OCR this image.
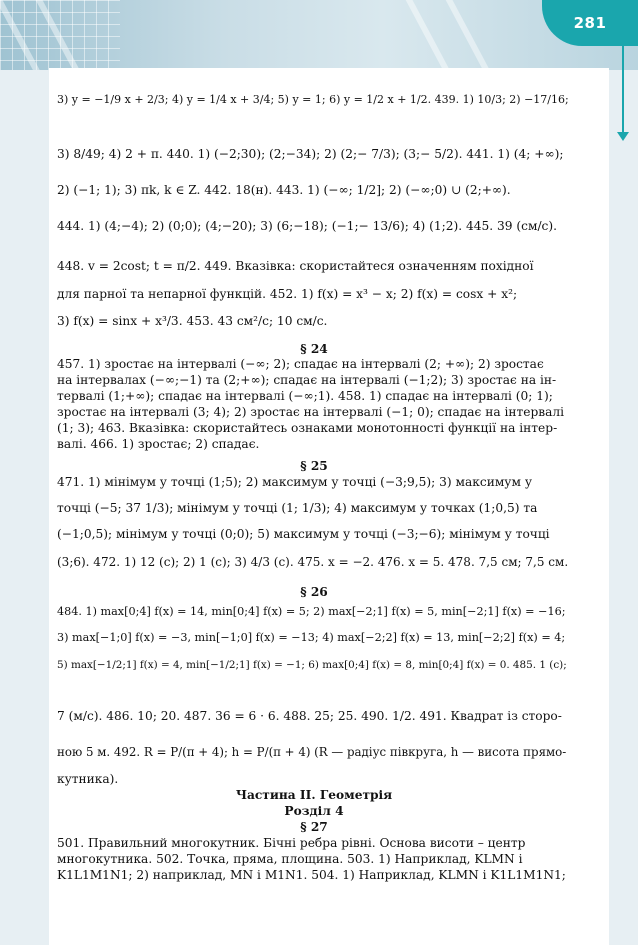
281
3) y = −1/9 x + 2/3; 4) y = 1/4 x + 3/4; 5) y = 1; 6) y = 1/2 x + 1/2. 439. 1) 10/3; 2) −17/16;
3) 8/49; 4) 2 + π. 440. 1) (−2;30); (2;−34); 2) (2;− 7/3); (3;− 5/2). 441. 1) (4; +∞);
2) (−1; 1); 3) πk, k ∈ Z. 442. 18(н). 443. 1) (−∞; 1/2]; 2) (−∞;0) ∪ (2;+∞).
444. 1) (4;−4); 2) (0;0); (4;−20); 3) (6;−18); (−1;− 13/6); 4) (1;2). 445. 39 (см/с).
448. v = 2cost; t = π/2. 449. Вказівка: скористайтеся означенням похідної
для парної та непарної функцій. 452. 1) f(x) = x³ − x; 2) f(x) = cosx + x²;
3) f(x) = sinx + x³/3. 453. 43 см²/с; 10 см/с.
§ 24
457. 1) зростає на інтервалі (−∞; 2); спадає на інтервалі (2; +∞); 2) зростає
на інтервалах (−∞;−1) та (2;+∞); спадає на інтервалі (−1;2); 3) зростає на ін-
тервалі (1;+∞); спадає на інтервалі (−∞;1). 458. 1) спадає на інтервалі (0; 1);
зростає на інтервалі (3; 4); 2) зростає на інтервалі (−1; 0); спадає на інтервалі
(1; 3); 463. Вказівка: скористайтесь ознаками монотонності функції на інтер-
валі. 466. 1) зростає; 2) спадає.
§ 25
471. 1) мінімум у точці (1;5); 2) максимум у точці (−3;9,5); 3) максимум у
точці (−5; 37 1/3); мінімум у точці (1; 1/3); 4) максимум у точках (1;0,5) та
(−1;0,5); мінімум у точці (0;0); 5) максимум у точці (−3;−6); мінімум у точці
(3;6). 472. 1) 12 (с); 2) 1 (с); 3) 4/3 (с). 475. x = −2. 476. x = 5. 478. 7,5 см; 7,5 см.
§ 26
484. 1) max[0;4] f(x) = 14, min[0;4] f(x) = 5; 2) max[−2;1] f(x) = 5, min[−2;1] f(x) = −16;
3) max[−1;0] f(x) = −3, min[−1;0] f(x) = −13; 4) max[−2;2] f(x) = 13, min[−2;2] f(x) = 4;
5) max[−1/2;1] f(x) = 4, min[−1/2;1] f(x) = −1; 6) max[0;4] f(x) = 8, min[0;4] f(x) = 0. 485. 1 (с);
7 (м/с). 486. 10; 20. 487. 36 = 6 · 6. 488. 25; 25. 490. 1/2. 491. Квадрат із сторо-
ною 5 м. 492. R = P/(π + 4); h = P/(π + 4) (R — радіус півкруга, h — висота прямо-
кутника).
Частина II. Геометрія
Розділ 4
§ 27
501. Правильний многокутник. Бічні ребра рівні. Основа висоти – центр
многокутника. 502. Точка, пряма, площина. 503. 1) Наприклад, KLMN і
K1L1M1N1; 2) наприклад, MN і M1N1. 504. 1) Наприклад, KLMN і K1L1M1N1;
